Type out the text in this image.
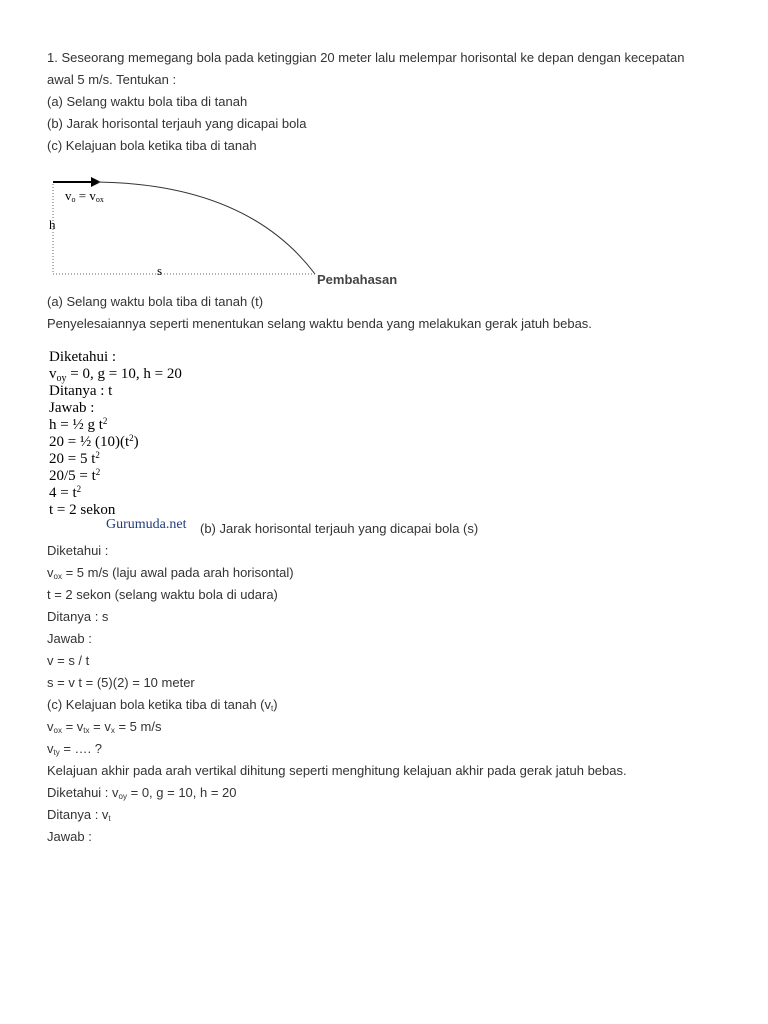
1. Seseorang memegang bola pada ketinggian 20 meter lalu melempar horisontal ke depan dengan kecepatan
awal 5 m/s. Tentukan :
(a) Selang waktu bola tiba di tanah
(b) Jarak horisontal terjauh yang dicapai bola
(c) Kelajuan bola ketika tiba di tanah
vo = vox
h
s
Pembahasan
(a) Selang waktu bola tiba di tanah (t)
Penyelesaiannya seperti menentukan selang waktu benda yang melakukan gerak jatuh bebas.
Diketahui :
$v_{oy} = 0$, g = 10, h = 20
Ditanya : t
Jawab :
h = ½ g $t^2$
20 = ½ $(10)(t^2)$
20 = 5 $t^2$
$20/5 = t^2$
$4 = t^2$
t = 2 sekon
Gurumuda.net (b) Jarak horisontal terjauh yang dicapai bola (s)
Diketahui :
$v_{ox} = 5$ m/s (laju awal pada arah horisontal)
t = 2 sekon (selang waktu bola di udara)
Ditanya : s
Jawab :
v = s / t
s = v t = (5)(2) = 10 meter
(c) Kelajuan bola ketika tiba di tanah $(v_t)$
$v_{ox} = v_{tx} = v_x = 5$ m/s
$v_{ty}$ = …. ?
Kelajuan akhir pada arah vertikal dihitung seperti menghitung kelajuan akhir pada gerak jatuh bebas.
Diketahui : $v_{oy} = 0$, g = 10, h = 20
Ditanya : $v_t$
Jawab :
